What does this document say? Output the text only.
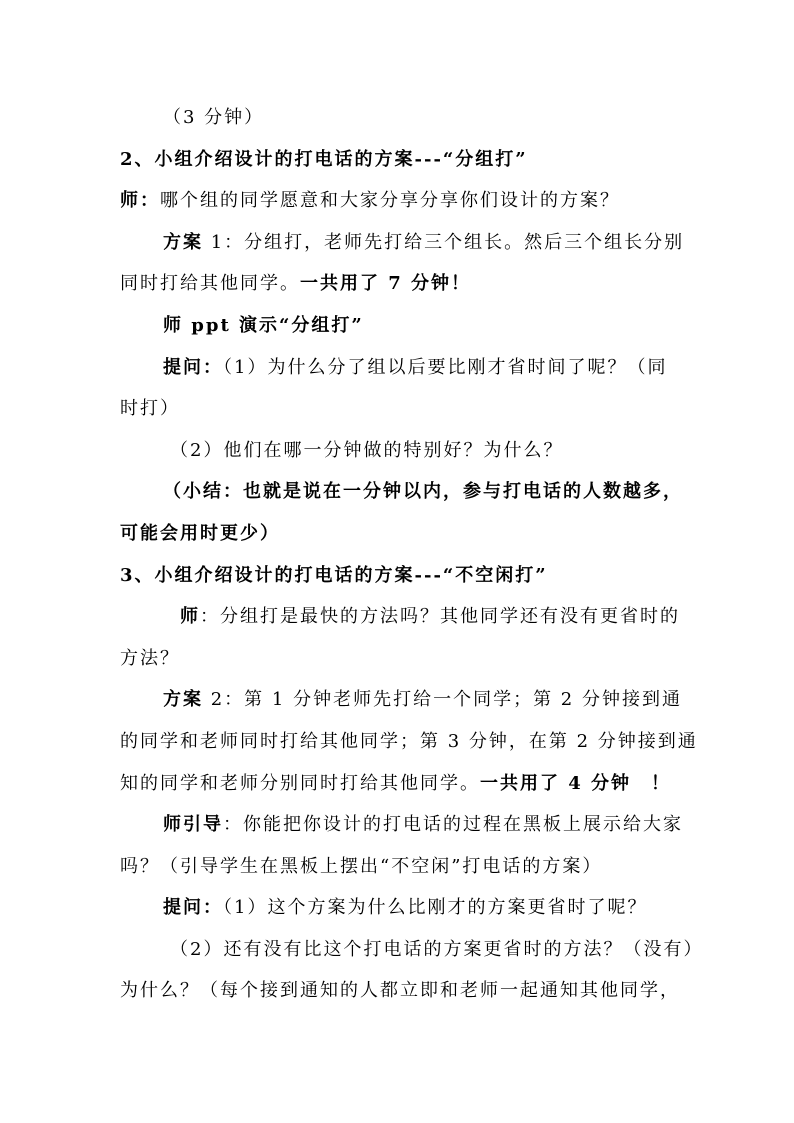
（3 分钟）
2、小组介绍设计的打电话的方案---“分组打”
师：哪个组的同学愿意和大家分享分享你们设计的方案？
方案 1：分组打，老师先打给三个组长。然后三个组长分别
同时打给其他同学。一共用了 7 分钟！
师 ppt 演示“分组打”
提问：（1）为什么分了组以后要比刚才省时间了呢？（同
时打）
（2）他们在哪一分钟做的特别好？为什么？
（小结：也就是说在一分钟以内，参与打电话的人数越多，
可能会用时更少）
3、小组介绍设计的打电话的方案---“不空闲打”
师：分组打是最快的方法吗？其他同学还有没有更省时的
方法？
方案 2：第 1 分钟老师先打给一个同学；第 2 分钟接到通
的同学和老师同时打给其他同学；第 3 分钟，在第 2 分钟接到通
知的同学和老师分别同时打给其他同学。一共用了 4 分钟　！
师引导：你能把你设计的打电话的过程在黑板上展示给大家
吗？（引导学生在黑板上摆出“不空闲”打电话的方案）
提问：（1）这个方案为什么比刚才的方案更省时了呢？
（2）还有没有比这个打电话的方案更省时的方法？（没有）
为什么？（每个接到通知的人都立即和老师一起通知其他同学，
